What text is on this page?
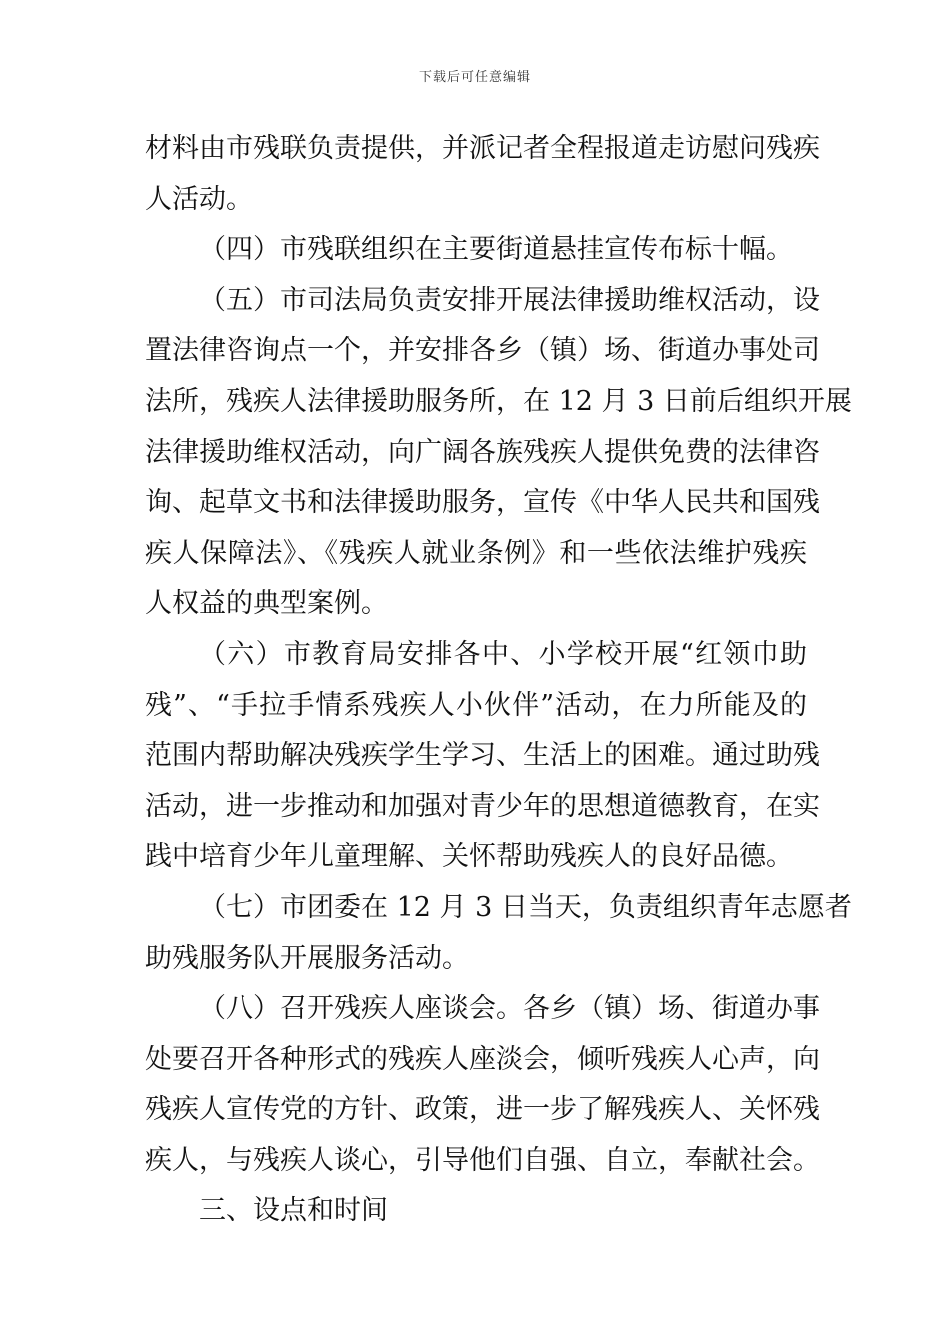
下载后可任意编辑
材料由市残联负责提供，并派记者全程报道走访慰问残疾
人活动。
（四）市残联组织在主要街道悬挂宣传布标十幅。
（五）市司法局负责安排开展法律援助维权活动，设
置法律咨询点一个，并安排各乡（镇）场、街道办事处司
法所，残疾人法律援助服务所，在 12 月 3 日前后组织开展
法律援助维权活动，向广阔各族残疾人提供免费的法律咨
询、起草文书和法律援助服务，宣传《中华人民共和国残
疾人保障法》、《残疾人就业条例》和一些依法维护残疾
人权益的典型案例。
（六）市教育局安排各中、小学校开展“红领巾助
残”、“手拉手情系残疾人小伙伴”活动，在力所能及的
范围内帮助解决残疾学生学习、生活上的困难。通过助残
活动，进一步推动和加强对青少年的思想道德教育，在实
践中培育少年儿童理解、关怀帮助残疾人的良好品德。
（七）市团委在 12 月 3 日当天，负责组织青年志愿者
助残服务队开展服务活动。
（八）召开残疾人座谈会。各乡（镇）场、街道办事
处要召开各种形式的残疾人座淡会，倾听残疾人心声，向
残疾人宣传党的方针、政策，进一步了解残疾人、关怀残
疾人，与残疾人谈心，引导他们自强、自立，奉献社会。
三、设点和时间
